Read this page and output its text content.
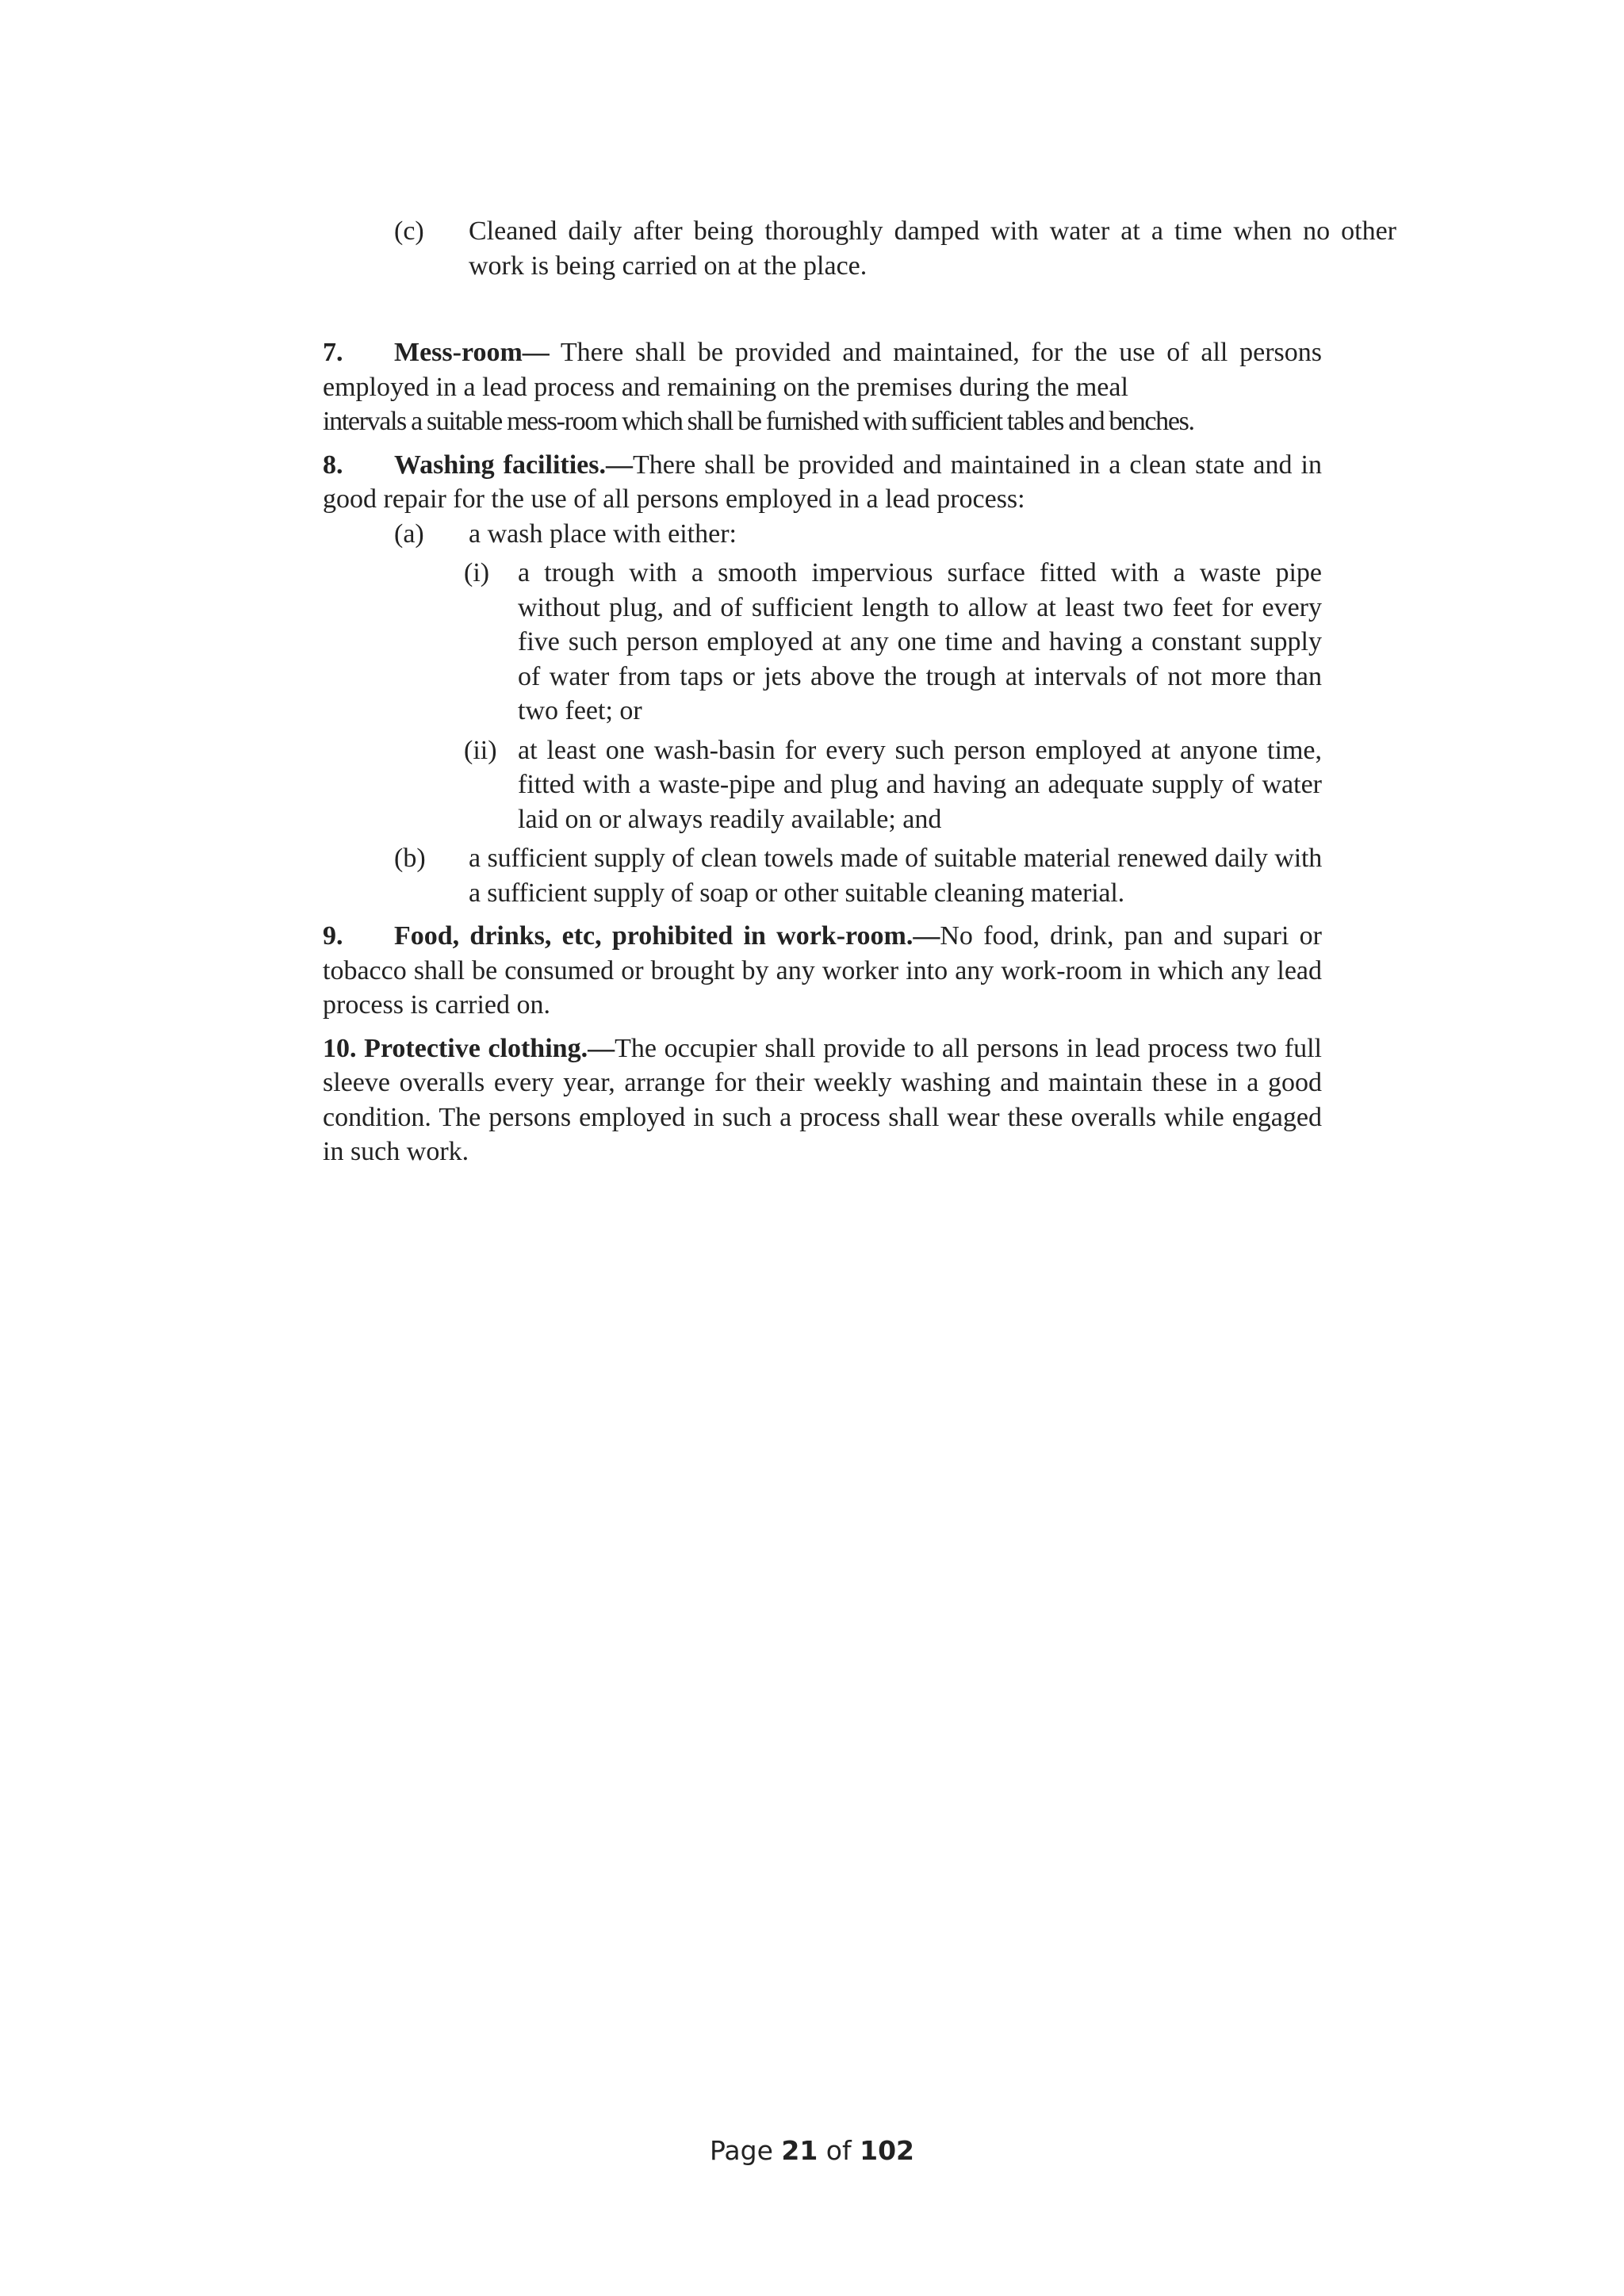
(c) Cleaned daily after being thoroughly damped with water at a time when no other work is being carried on at the place.
7. Mess-room— There shall be provided and maintained, for the use of all persons employed in a lead process and remaining on the premises during the meal
intervals a suitable mess-room which shall be furnished with sufficient tables and benches.
8. Washing facilities.—There shall be provided and maintained in a clean state and in good repair for the use of all persons employed in a lead process:
(a) a wash place with either:
(i) a trough with a smooth impervious surface fitted with a waste pipe without plug, and of sufficient length to allow at least two feet for every five such person employed at any one time and having a constant supply of water from taps or jets above the trough at intervals of not more than two feet; or
(ii) at least one wash-basin for every such person employed at anyone time, fitted with a waste-pipe and plug and having an adequate supply of water laid on or always readily available; and
(b) a sufficient supply of clean towels made of suitable material renewed daily with a sufficient supply of soap or other suitable cleaning material.
9. Food, drinks, etc, prohibited in work-room.—No food, drink, pan and supari or tobacco shall be consumed or brought by any worker into any work-room in which any lead process is carried on.
10. Protective clothing.—The occupier shall provide to all persons in lead process two full sleeve overalls every year, arrange for their weekly washing and maintain these in a good condition. The persons employed in such a process shall wear these overalls while engaged in such work.
Page 21 of 102
